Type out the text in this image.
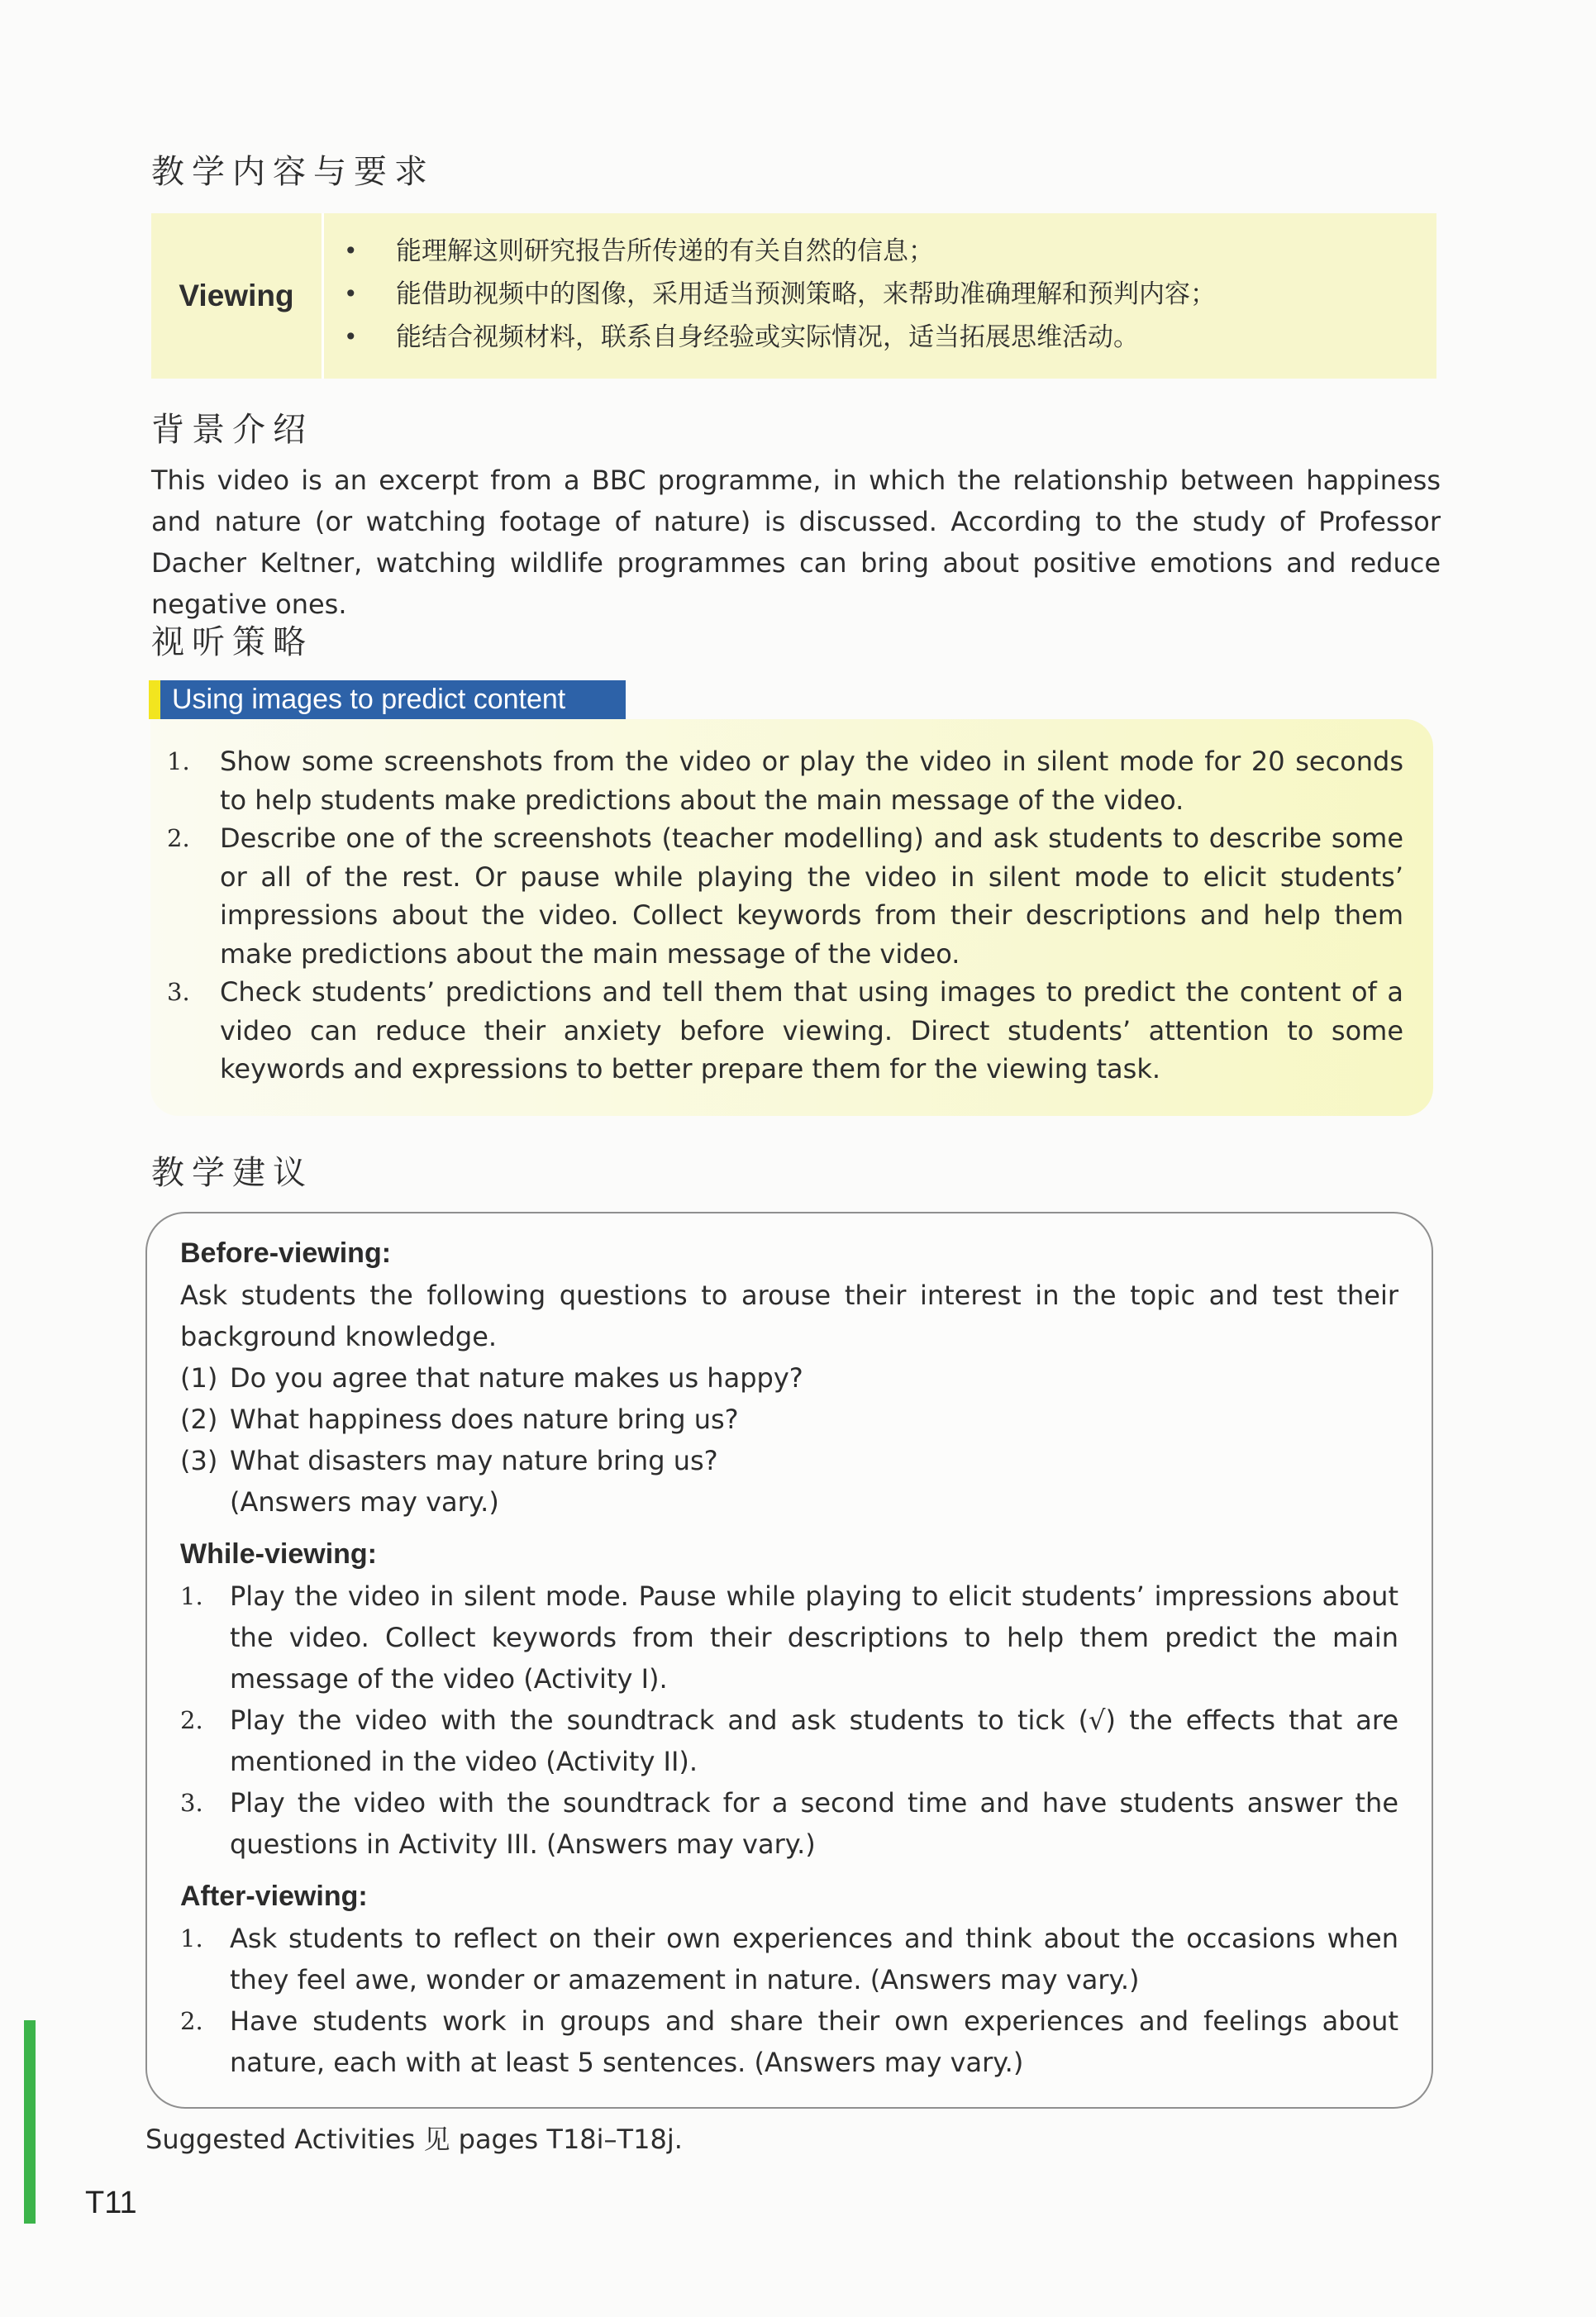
教学内容与要求
Viewing
• 能理解这则研究报告所传递的有关自然的信息；
• 能借助视频中的图像，采用适当预测策略，来帮助准确理解和预判内容；
• 能结合视频材料，联系自身经验或实际情况，适当拓展思维活动。
背景介绍

This video is an excerpt from a BBC programme, in which the relationship between happiness and nature (or watching footage of nature) is discussed. According to the study of Professor Dacher Keltner, watching wildlife programmes can bring about positive emotions and reduce negative ones.

视听策略
Using images to predict content
1. Show some screenshots from the video or play the video in silent mode for 20 seconds to help students make predictions about the main message of the video.
2. Describe one of the screenshots (teacher modelling) and ask students to describe some or all of the rest. Or pause while playing the video in silent mode to elicit students’ impressions about the video. Collect keywords from their descriptions and help them make predictions about the main message of the video.
3. Check students’ predictions and tell them that using images to predict the content of a video can reduce their anxiety before viewing. Direct students’ attention to some keywords and expressions to better prepare them for the viewing task.
教学建议

Before-viewing:

Ask students the following questions to arouse their interest in the topic and test their background knowledge.

(1) Do you agree that nature makes us happy?
(2) What happiness does nature bring us?
(3) What disasters may nature bring us?

(Answers may vary.)

While-viewing:

1. Play the video in silent mode. Pause while playing to elicit students’ impressions about the video. Collect keywords from their descriptions to help them predict the main message of the video (Activity I).
2. Play the video with the soundtrack and ask students to tick (√) the effects that are mentioned in the video (Activity II).
3. Play the video with the soundtrack for a second time and have students answer the questions in Activity III. (Answers may vary.)

After-viewing:

1. Ask students to reflect on their own experiences and think about the occasions when they feel awe, wonder or amazement in nature. (Answers may vary.)
2. Have students work in groups and share their own experiences and feelings about nature, each with at least 5 sentences. (Answers may vary.)
Suggested Activities 见 pages T18i–T18j.
T11
